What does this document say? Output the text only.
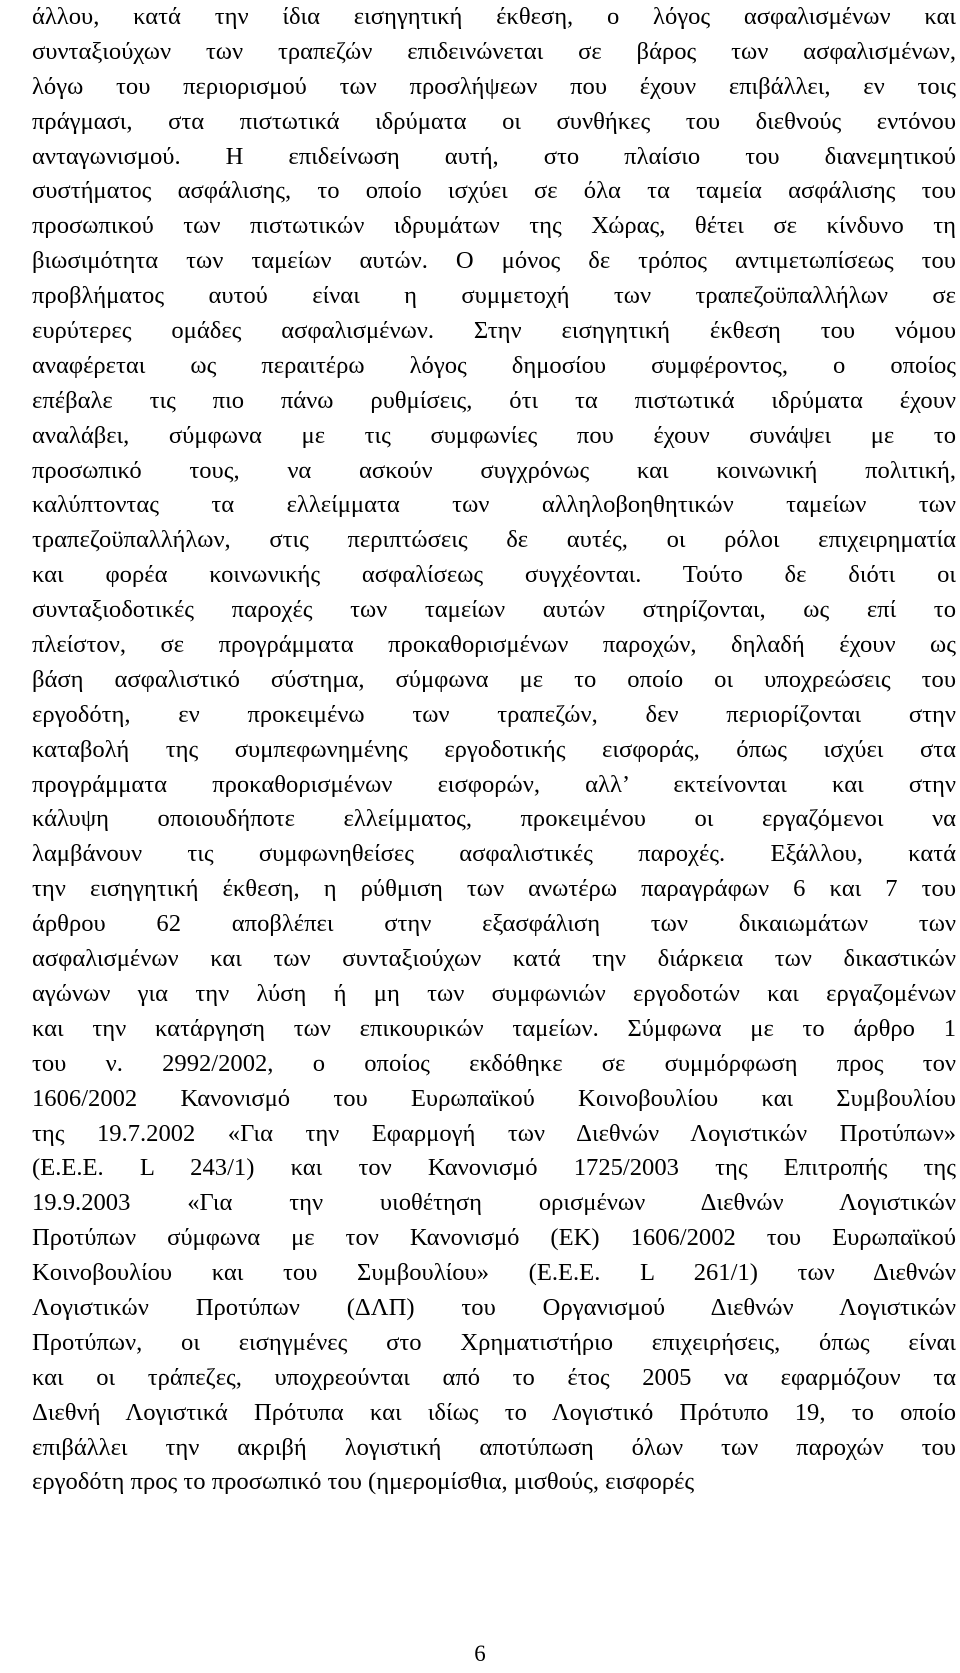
άλλου, κατά την ίδια εισηγητική έκθεση, ο λόγος ασφαλισμένων και
συνταξιούχων των τραπεζών επιδεινώνεται σε βάρος των ασφαλισμένων,
λόγω του περιορισμού των προσλήψεων που έχουν επιβάλλει, εν τοις
πράγμασι, στα πιστωτικά ιδρύματα οι συνθήκες του διεθνούς εντόνου
ανταγωνισμού. Η επιδείνωση αυτή, στο πλαίσιο του διανεμητικού
συστήματος ασφάλισης, το οποίο ισχύει σε όλα τα ταμεία ασφάλισης του
προσωπικού των πιστωτικών ιδρυμάτων της Χώρας, θέτει σε κίνδυνο τη
βιωσιμότητα των ταμείων αυτών. Ο μόνος δε τρόπος αντιμετωπίσεως του
προβλήματος αυτού είναι η συμμετοχή των τραπεζοϋπαλλήλων σε
ευρύτερες ομάδες ασφαλισμένων. Στην εισηγητική έκθεση του νόμου
αναφέρεται ως περαιτέρω λόγος δημοσίου συμφέροντος, ο οποίος
επέβαλε τις πιο πάνω ρυθμίσεις, ότι τα πιστωτικά ιδρύματα έχουν
αναλάβει, σύμφωνα με τις συμφωνίες που έχουν συνάψει με το
προσωπικό τους, να ασκούν συγχρόνως και κοινωνική πολιτική,
καλύπτοντας τα ελλείμματα των αλληλοβοηθητικών ταμείων των
τραπεζοϋπαλλήλων, στις περιπτώσεις δε αυτές, οι ρόλοι επιχειρηματία
και φορέα κοινωνικής ασφαλίσεως συγχέονται. Τούτο δε διότι οι
συνταξιοδοτικές παροχές των ταμείων αυτών στηρίζονται, ως επί το
πλείστον, σε προγράμματα προκαθορισμένων παροχών, δηλαδή έχουν ως
βάση ασφαλιστικό σύστημα, σύμφωνα με το οποίο οι υποχρεώσεις του
εργοδότη, εν προκειμένω των τραπεζών, δεν περιορίζονται στην
καταβολή της συμπεφωνημένης εργοδοτικής εισφοράς, όπως ισχύει στα
προγράμματα προκαθορισμένων εισφορών, αλλ’ εκτείνονται και στην
κάλυψη οποιουδήποτε ελλείμματος, προκειμένου οι εργαζόμενοι να
λαμβάνουν τις συμφωνηθείσες ασφαλιστικές παροχές. Εξάλλου, κατά
την εισηγητική έκθεση, η ρύθμιση των ανωτέρω παραγράφων 6 και 7 του
άρθρου 62 αποβλέπει στην εξασφάλιση των δικαιωμάτων των
ασφαλισμένων και των συνταξιούχων κατά την διάρκεια των δικαστικών
αγώνων για την λύση ή μη των συμφωνιών εργοδοτών και εργαζομένων
και την κατάργηση των επικουρικών ταμείων. Σύμφωνα με το άρθρο 1
του ν. 2992/2002, ο οποίος εκδόθηκε σε συμμόρφωση προς τον
1606/2002 Κανονισμό του Ευρωπαϊκού Κοινοβουλίου και Συμβουλίου
της 19.7.2002 «Για την Εφαρμογή των Διεθνών Λογιστικών Προτύπων»
(Ε.Ε.Ε. L 243/1) και τον Κανονισμό 1725/2003 της Επιτροπής της
19.9.2003 «Για την υιοθέτηση ορισμένων Διεθνών Λογιστικών
Προτύπων σύμφωνα με τον Κανονισμό (ΕΚ) 1606/2002 του Ευρωπαϊκού
Κοινοβουλίου και του Συμβουλίου» (Ε.Ε.Ε. L 261/1) των Διεθνών
Λογιστικών Προτύπων (ΔΛΠ) του Οργανισμού Διεθνών Λογιστικών
Προτύπων, οι εισηγμένες στο Χρηματιστήριο επιχειρήσεις, όπως είναι
και οι τράπεζες, υποχρεούνται από το έτος 2005 να εφαρμόζουν τα
Διεθνή Λογιστικά Πρότυπα και ιδίως το Λογιστικό Πρότυπο 19, το οποίο
επιβάλλει την ακριβή λογιστική αποτύπωση όλων των παροχών του
εργοδότη προς το προσωπικό του (ημερομίσθια, μισθούς, εισφορές
6
